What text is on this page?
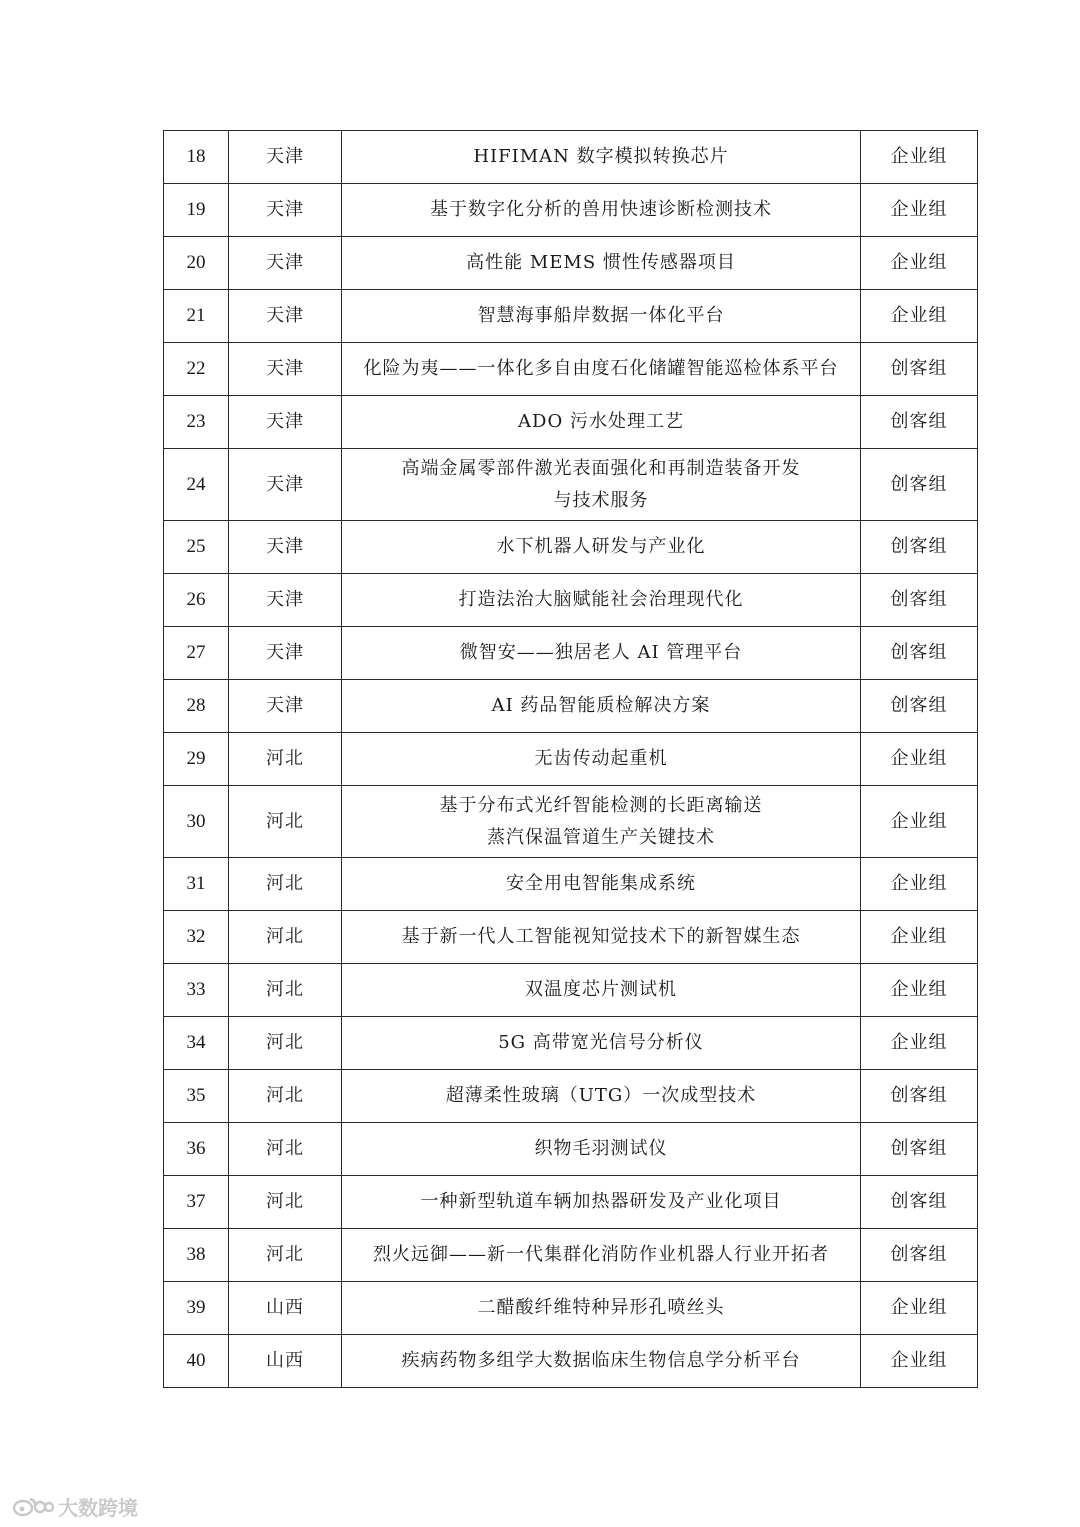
18	天津	HIFIMAN 数字模拟转换芯片	企业组
19	天津	基于数字化分析的兽用快速诊断检测技术	企业组
20	天津	高性能 MEMS 惯性传感器项目	企业组
21	天津	智慧海事船岸数据一体化平台	企业组
22	天津	化险为夷——一体化多自由度石化储罐智能巡检体系平台	创客组
23	天津	ADO 污水处理工艺	创客组
24	天津	高端金属零部件激光表面强化和再制造装备开发
与技术服务	创客组
25	天津	水下机器人研发与产业化	创客组
26	天津	打造法治大脑赋能社会治理现代化	创客组
27	天津	微智安——独居老人 AI 管理平台	创客组
28	天津	AI 药品智能质检解决方案	创客组
29	河北	无齿传动起重机	企业组
30	河北	基于分布式光纤智能检测的长距离输送
蒸汽保温管道生产关键技术	企业组
31	河北	安全用电智能集成系统	企业组
32	河北	基于新一代人工智能视知觉技术下的新智媒生态	企业组
33	河北	双温度芯片测试机	企业组
34	河北	5G 高带宽光信号分析仪	企业组
35	河北	超薄柔性玻璃（UTG）一次成型技术	创客组
36	河北	织物毛羽测试仪	创客组
37	河北	一种新型轨道车辆加热器研发及产业化项目	创客组
38	河北	烈火远御——新一代集群化消防作业机器人行业开拓者	创客组
39	山西	二醋酸纤维特种异形孔喷丝头	企业组
40	山西	疾病药物多组学大数据临床生物信息学分析平台	企业组
大数跨境
